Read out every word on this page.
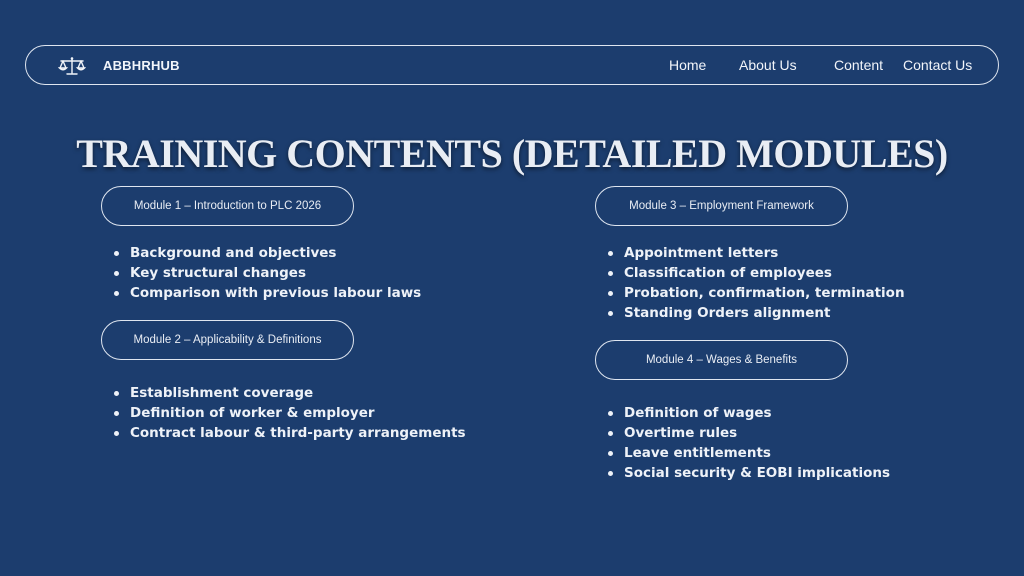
ABBHRHUB	Home About Us	Content Contact Us
TRAINING CONTENTS (DETAILED MODULES)
Module 1 – Introduction to PLC 2026
Background and objectives
Key structural changes
Comparison with previous labour laws
Module 2 – Applicability & Definitions
Establishment coverage
Definition of worker & employer
Contract labour & third-party arrangements
Module 3 – Employment Framework
Appointment letters
Classification of employees
Probation, confirmation, termination
Standing Orders alignment
Module 4 – Wages & Benefits
Definition of wages
Overtime rules
Leave entitlements
Social security & EOBI implications
